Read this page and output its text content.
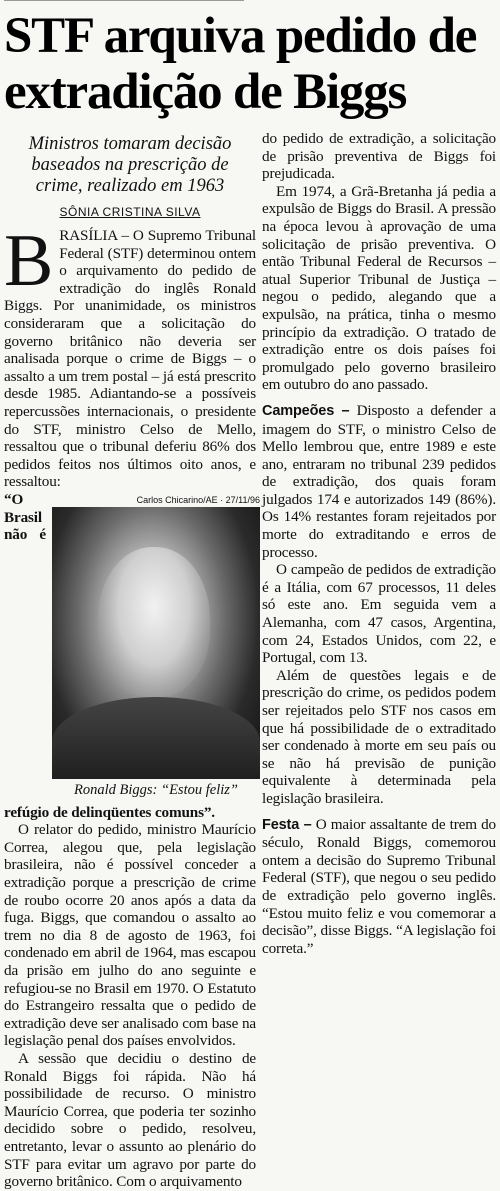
STF arquiva pedido de extradição de Biggs
Ministros tomaram decisão baseados na prescrição de crime, realizado em 1963
SÔNIA CRISTINA SILVA

BRASÍLIA – O Supremo Tribunal Federal (STF) determinou ontem o arquivamento do pedido de extradição do inglês Ronald Biggs. Por unanimidade, os ministros consideraram que a solicitação do governo britânico não deveria ser analisada porque o crime de Biggs – o assalto a um trem postal – já está prescrito desde 1985. Adiantando-se a possíveis repercussões internacionais, o presidente do STF, ministro Celso de Mello, ressaltou que o tribunal deferiu 86% dos pedidos feitos nos últimos oito anos, e ressaltou:

Carlos Chicarino/AE · 27/11/96
Ronald Biggs: “Estou feliz”

“O Brasil não é refúgio de delinqüentes comuns”.

O relator do pedido, ministro Maurício Correa, alegou que, pela legislação brasileira, não é possível conceder a extradição porque a prescrição de crime de roubo ocorre 20 anos após a data da fuga. Biggs, que comandou o assalto ao trem no dia 8 de agosto de 1963, foi condenado em abril de 1964, mas escapou da prisão em julho do ano seguinte e refugiou-se no Brasil em 1970. O Estatuto do Estrangeiro ressalta que o pedido de extradição deve ser analisado com base na legislação penal dos países envolvidos.

A sessão que decidiu o destino de Ronald Biggs foi rápida. Não há possibilidade de recurso. O ministro Maurício Correa, que poderia ter sozinho decidido sobre o pedido, resolveu, entretanto, levar o assunto ao plenário do STF para evitar um agravo por parte do governo britânico. Com o arquivamento

do pedido de extradição, a solicitação de prisão preventiva de Biggs foi prejudicada.

Em 1974, a Grã-Bretanha já pedia a expulsão de Biggs do Brasil. A pressão na época levou à aprovação de uma solicitação de prisão preventiva. O então Tribunal Federal de Recursos – atual Superior Tribunal de Justiça – negou o pedido, alegando que a expulsão, na prática, tinha o mesmo princípio da extradição. O tratado de extradição entre os dois países foi promulgado pelo governo brasileiro em outubro do ano passado.

Campeões – Disposto a defender a imagem do STF, o ministro Celso de Mello lembrou que, entre 1989 e este ano, entraram no tribunal 239 pedidos de extradição, dos quais foram julgados 174 e autorizados 149 (86%). Os 14% restantes foram rejeitados por morte do extraditando e erros de processo.

O campeão de pedidos de extradição é a Itália, com 67 processos, 11 deles só este ano. Em seguida vem a Alemanha, com 47 casos, Argentina, com 24, Estados Unidos, com 22, e Portugal, com 13.

Além de questões legais e de prescrição do crime, os pedidos podem ser rejeitados pelo STF nos casos em que há possibilidade de o extraditado ser condenado à morte em seu país ou se não há previsão de punição equivalente à determinada pela legislação brasileira.

Festa – O maior assaltante de trem do século, Ronald Biggs, comemorou ontem a decisão do Supremo Tribunal Federal (STF), que negou o seu pedido de extradição pelo governo inglês. “Estou muito feliz e vou comemorar a decisão”, disse Biggs. “A legislação foi correta.”
